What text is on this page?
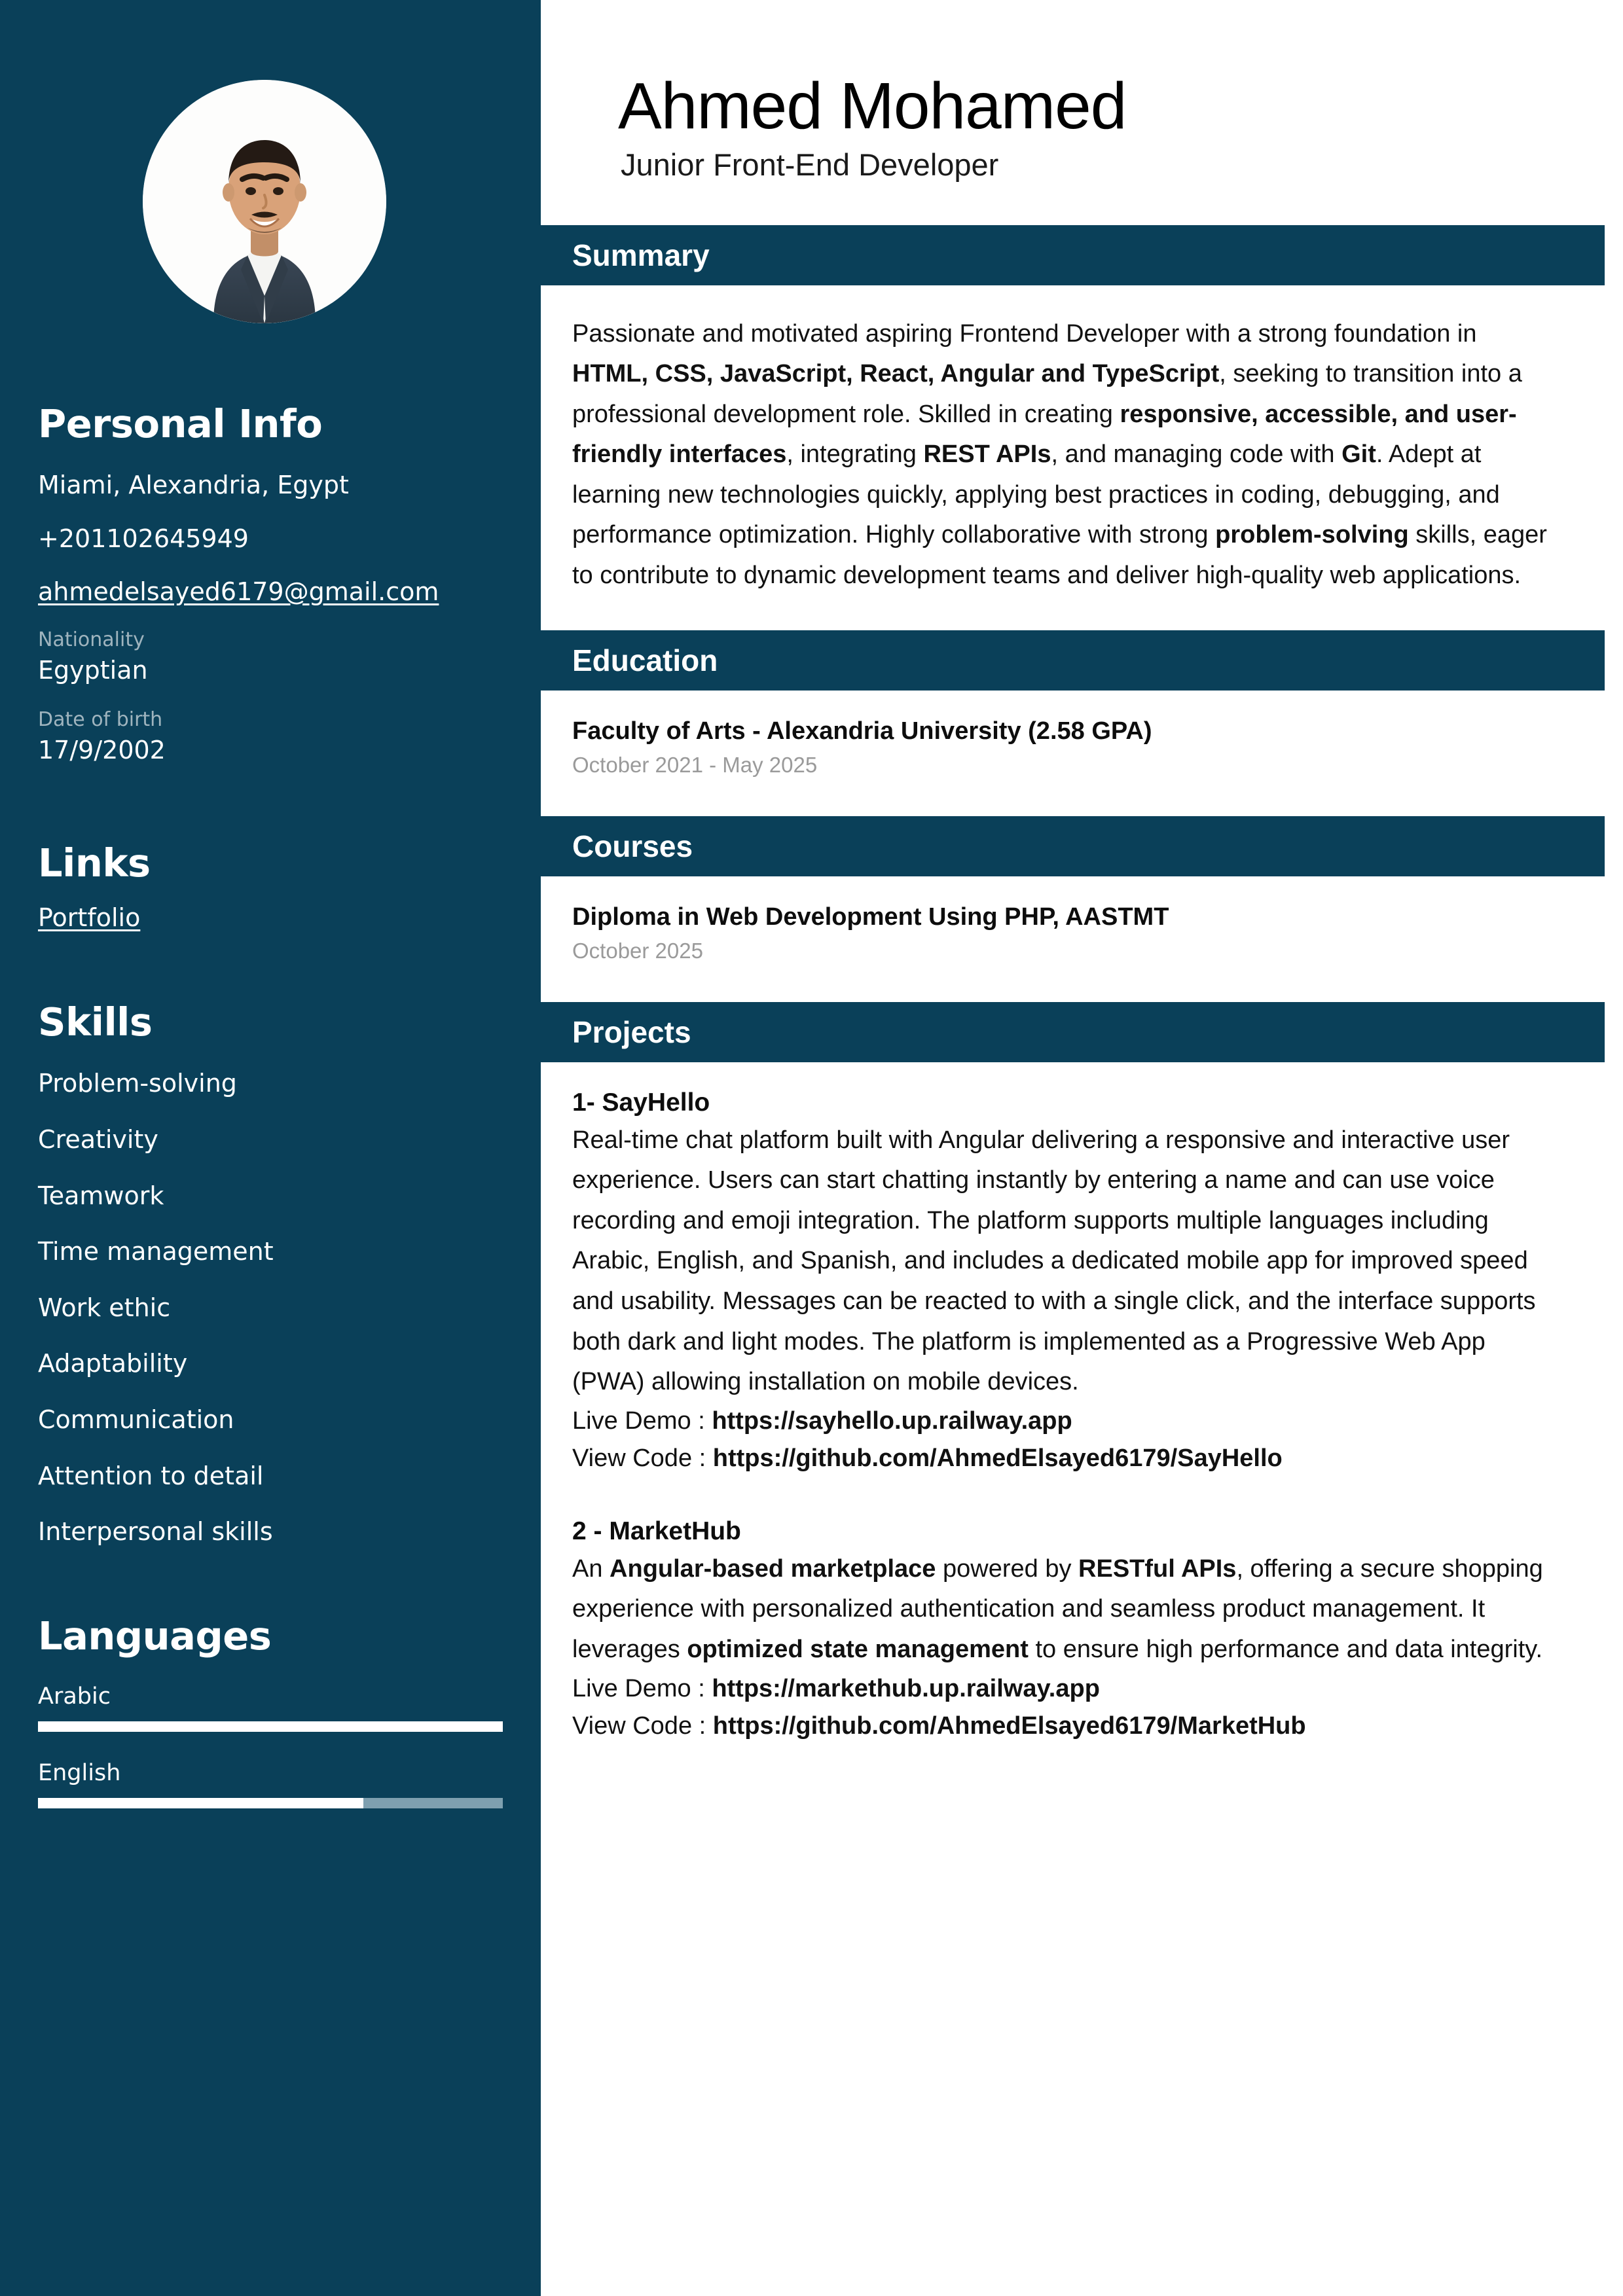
Personal Info
Miami, Alexandria, Egypt
+201102645949
ahmedelsayed6179@gmail.com
Nationality
Egyptian
Date of birth
17/9/2002
Links
Portfolio
Skills
Problem-solving
Creativity
Teamwork
Time management
Work ethic
Adaptability
Communication
Attention to detail
Interpersonal skills
Languages
Arabic
English
Ahmed Mohamed
Junior Front-End Developer
Summary

Passionate and motivated aspiring Frontend Developer with a strong foundation in HTML, CSS, JavaScript, React, Angular and TypeScript, seeking to transition into a professional development role. Skilled in creating responsive, accessible, and user-friendly interfaces, integrating REST APIs, and managing code with Git. Adept at learning new technologies quickly, applying best practices in coding, debugging, and performance optimization. Highly collaborative with strong problem-solving skills, eager to contribute to dynamic development teams and deliver high-quality web applications.

Education
Faculty of Arts - Alexandria University (2.58 GPA)
October 2021 - May 2025
Courses
Diploma in Web Development Using PHP, AASTMT
October 2025
Projects
1- SayHello

Real-time chat platform built with Angular delivering a responsive and interactive user experience. Users can start chatting instantly by entering a name and can use voice recording and emoji integration. The platform supports multiple languages including Arabic, English, and Spanish, and includes a dedicated mobile app for improved speed and usability. Messages can be reacted to with a single click, and the interface supports both dark and light modes. The platform is implemented as a Progressive Web App (PWA) allowing installation on mobile devices.

Live Demo : https://sayhello.up.railway.app
View Code : https://github.com/AhmedElsayed6179/SayHello
2 - MarketHub

An Angular-based marketplace powered by RESTful APIs, offering a secure shopping experience with personalized authentication and seamless product management. It leverages optimized state management to ensure high performance and data integrity.

Live Demo : https://markethub.up.railway.app
View Code : https://github.com/AhmedElsayed6179/MarketHub
